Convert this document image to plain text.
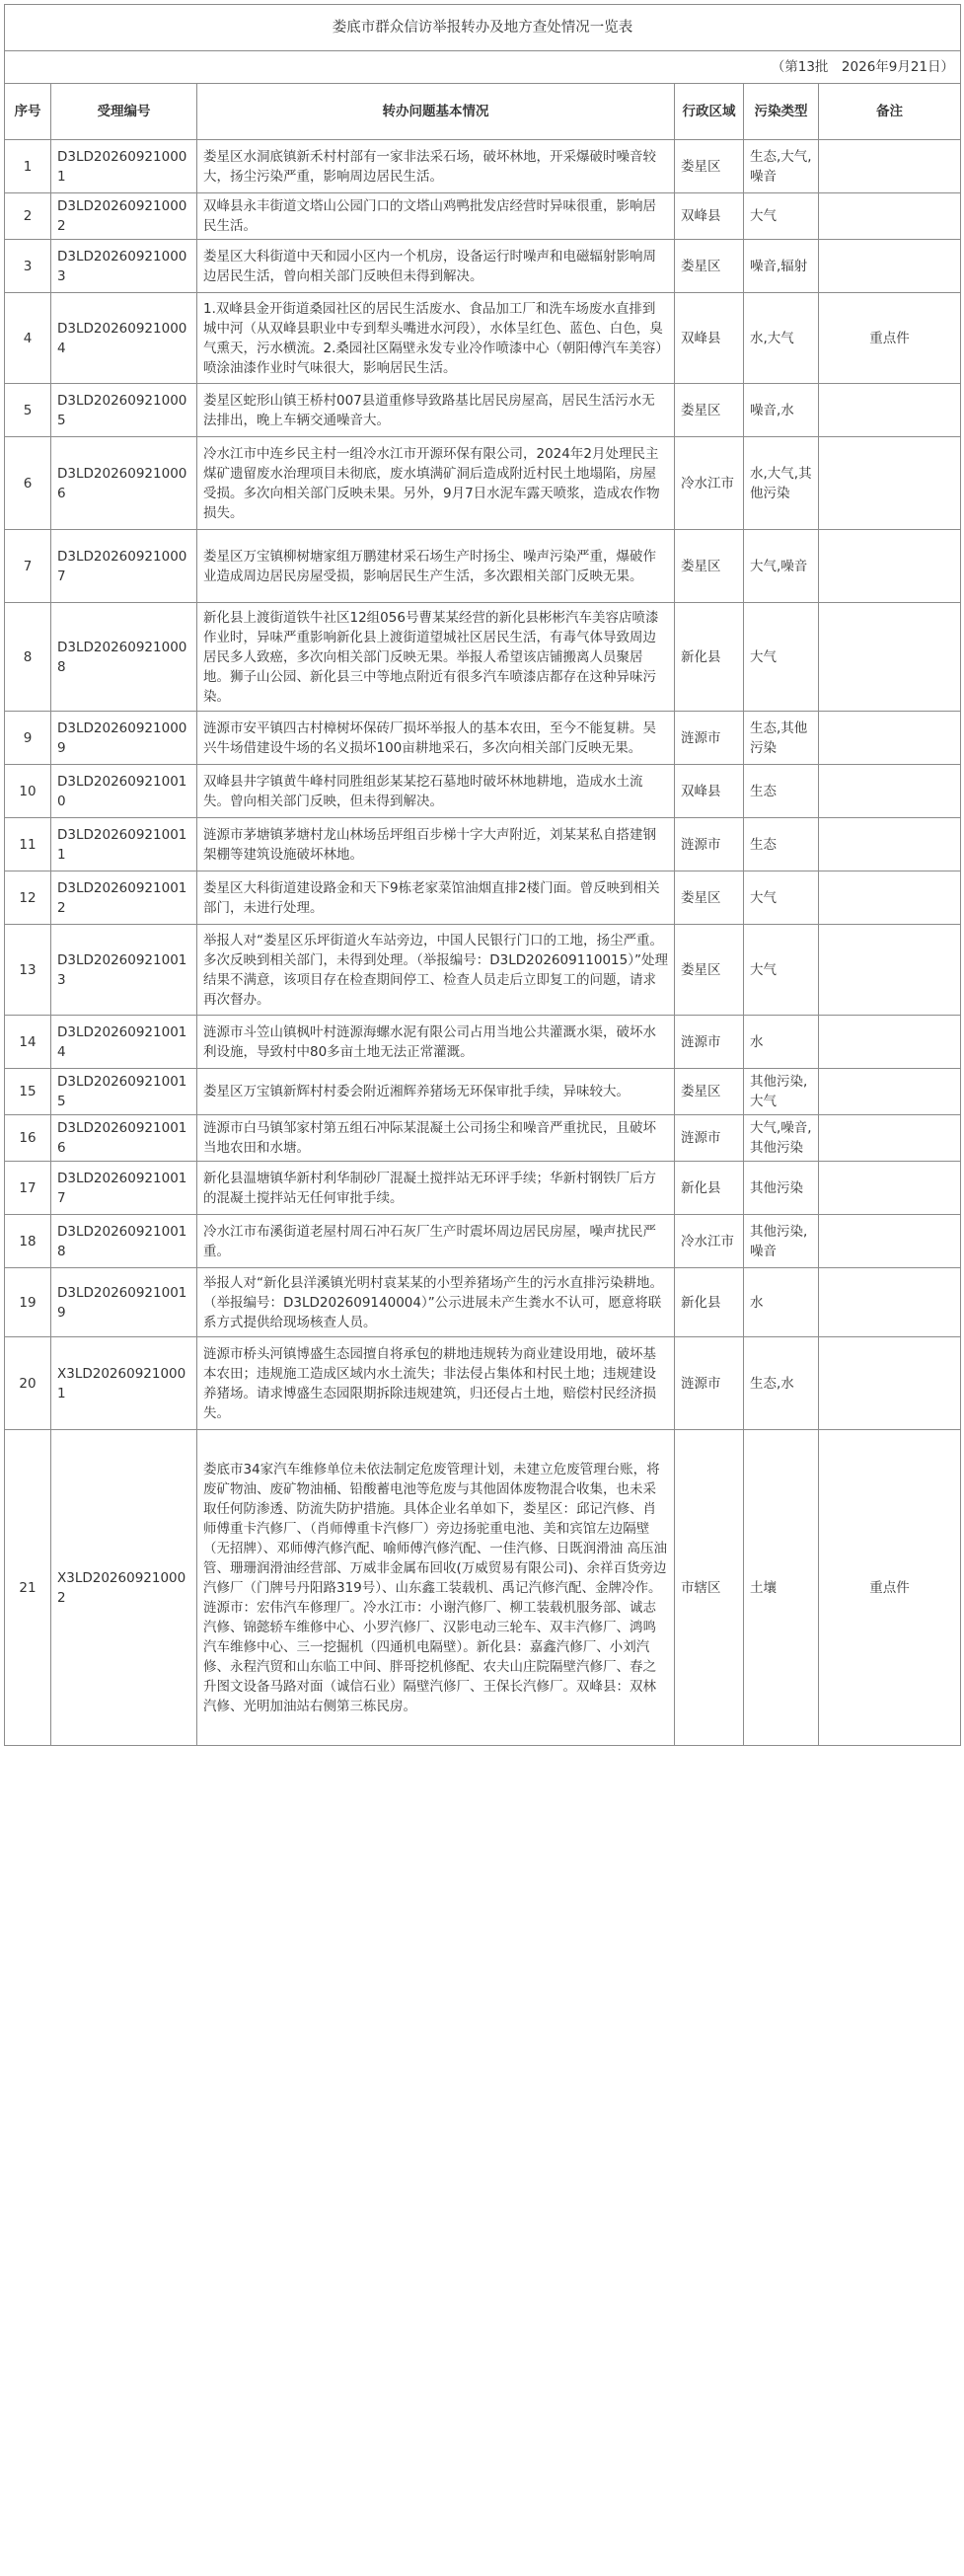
娄底市群众信访举报转办及地方查处情况一览表					
（第13批　2026年9月21日）					
序号	受理编号	转办问题基本情况	行政区域	污染类型	备注
1	D3LD202609210001	娄星区水洞底镇新禾村村部有一家非法采石场，破坏林地，开采爆破时噪音较大，扬尘污染严重，影响周边居民生活。	娄星区	生态,大气,噪音	
2	D3LD202609210002	双峰县永丰街道文塔山公园门口的文塔山鸡鸭批发店经营时异味很重，影响居民生活。	双峰县	大气	
3	D3LD202609210003	娄星区大科街道中天和园小区内一个机房，设备运行时噪声和电磁辐射影响周边居民生活，曾向相关部门反映但未得到解决。	娄星区	噪音,辐射	
4	D3LD202609210004	1.双峰县金开街道桑园社区的居民生活废水、食品加工厂和洗车场废水直排到城中河（从双峰县职业中专到犁头嘴进水河段），水体呈红色、蓝色、白色，臭气熏天，污水横流。2.桑园社区隔壁永发专业冷作喷漆中心（朝阳傅汽车美容）喷涂油漆作业时气味很大，影响居民生活。	双峰县	水,大气	重点件
5	D3LD202609210005	娄星区蛇形山镇王桥村007县道重修导致路基比居民房屋高，居民生活污水无法排出，晚上车辆交通噪音大。	娄星区	噪音,水	
6	D3LD202609210006	冷水江市中连乡民主村一组冷水江市开源环保有限公司，2024年2月处理民主煤矿遗留废水治理项目未彻底，废水填满矿洞后造成附近村民土地塌陷，房屋受损。多次向相关部门反映未果。另外，9月7日水泥车露天喷浆，造成农作物损失。	冷水江市	水,大气,其他污染	
7	D3LD202609210007	娄星区万宝镇柳树塘家组万鹏建材采石场生产时扬尘、噪声污染严重，爆破作业造成周边居民房屋受损，影响居民生产生活，多次跟相关部门反映无果。	娄星区	大气,噪音	
8	D3LD202609210008	新化县上渡街道铁牛社区12组056号曹某某经营的新化县彬彬汽车美容店喷漆作业时，异味严重影响新化县上渡街道望城社区居民生活，有毒气体导致周边居民多人致癌，多次向相关部门反映无果。举报人希望该店铺搬离人员聚居地。狮子山公园、新化县三中等地点附近有很多汽车喷漆店都存在这种异味污染。	新化县	大气	
9	D3LD202609210009	涟源市安平镇四古村樟树坏保砖厂损坏举报人的基本农田，至今不能复耕。吴兴牛场借建设牛场的名义损坏100亩耕地采石，多次向相关部门反映无果。	涟源市	生态,其他污染	
10	D3LD202609210010	双峰县井字镇黄牛峰村同胜组彭某某挖石墓地时破坏林地耕地，造成水土流失。曾向相关部门反映，但未得到解决。	双峰县	生态	
11	D3LD202609210011	涟源市茅塘镇茅塘村龙山林场岳坪组百步梯十字大声附近，刘某某私自搭建钢架棚等建筑设施破坏林地。	涟源市	生态	
12	D3LD202609210012	娄星区大科街道建设路金和天下9栋老家菜馆油烟直排2楼门面。曾反映到相关部门，未进行处理。	娄星区	大气	
13	D3LD202609210013	举报人对“娄星区乐坪街道火车站旁边，中国人民银行门口的工地，扬尘严重。多次反映到相关部门，未得到处理。（举报编号：D3LD202609110015）”处理结果不满意，该项目存在检查期间停工、检查人员走后立即复工的问题，请求再次督办。	娄星区	大气	
14	D3LD202609210014	涟源市斗笠山镇枫叶村涟源海螺水泥有限公司占用当地公共灌溉水渠，破坏水利设施，导致村中80多亩土地无法正常灌溉。	涟源市	水	
15	D3LD202609210015	娄星区万宝镇新辉村村委会附近湘辉养猪场无环保审批手续，异味较大。	娄星区	其他污染,大气	
16	D3LD202609210016	涟源市白马镇邹家村第五组石冲际某混凝土公司扬尘和噪音严重扰民，且破坏当地农田和水塘。	涟源市	大气,噪音,其他污染	
17	D3LD202609210017	新化县温塘镇华新村利华制砂厂混凝土搅拌站无环评手续；华新村钢铁厂后方的混凝土搅拌站无任何审批手续。	新化县	其他污染	
18	D3LD202609210018	冷水江市布溪街道老屋村周石冲石灰厂生产时震坏周边居民房屋，噪声扰民严重。	冷水江市	其他污染,噪音	
19	D3LD202609210019	举报人对“新化县洋溪镇光明村袁某某的小型养猪场产生的污水直排污染耕地。（举报编号：D3LD202609140004）”公示进展未产生粪水不认可，愿意将联系方式提供给现场核查人员。	新化县	水	
20	X3LD202609210001	涟源市桥头河镇博盛生态园擅自将承包的耕地违规转为商业建设用地，破坏基本农田；违规施工造成区域内水土流失；非法侵占集体和村民土地；违规建设养猪场。请求博盛生态园限期拆除违规建筑，归还侵占土地，赔偿村民经济损失。	涟源市	生态,水	
21	X3LD202609210002	娄底市34家汽车维修单位未依法制定危废管理计划，未建立危废管理台账，将废矿物油、废矿物油桶、铅酸蓄电池等危废与其他固体废物混合收集，也未采取任何防渗透、防流失防护措施。具体企业名单如下，娄星区：邱记汽修、肖师傅重卡汽修厂、（肖师傅重卡汽修厂）旁边扬驼重电池、美和宾馆左边隔壁（无招牌）、邓师傅汽修汽配、喻师傅汽修汽配、一佳汽修、日既润滑油 高压油管、珊珊润滑油经营部、万威非金属布回收(万威贸易有限公司)、余祥百货旁边汽修厂（门牌号丹阳路319号）、山东鑫工装载机、禹记汽修汽配、金牌冷作。涟源市：宏伟汽车修理厂。冷水江市：小谢汽修厂、柳工装载机服务部、诚志汽修、锦懿轿车维修中心、小罗汽修厂、汉影电动三轮车、双丰汽修厂、鸿鸣汽车维修中心、三一挖掘机（四通机电隔壁）。新化县：嘉鑫汽修厂、小刘汽修、永程汽贸和山东临工中间、胖哥挖机修配、农夫山庄院隔壁汽修厂、春之升图文设备马路对面（诚信石业）隔壁汽修厂、王保长汽修厂。双峰县：双林汽修、光明加油站右侧第三栋民房。	市辖区	土壤	重点件
